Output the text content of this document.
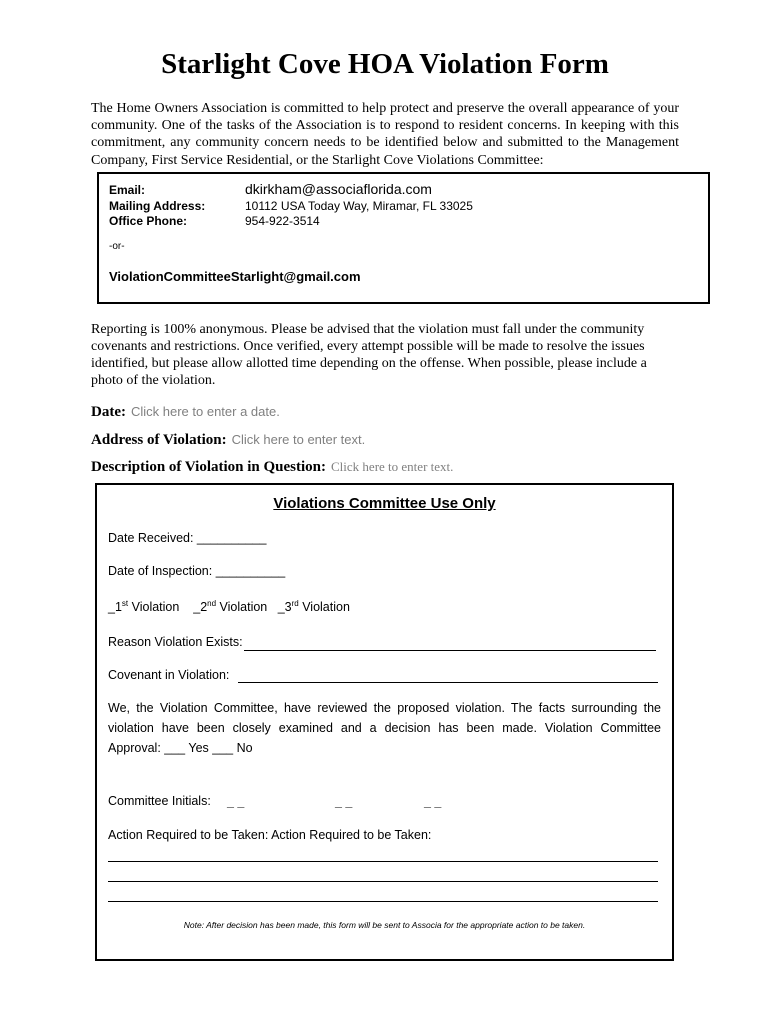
Starlight Cove HOA Violation Form
The Home Owners Association is committed to help protect and preserve the overall appearance of your community. One of the tasks of the Association is to respond to resident concerns. In keeping with this commitment, any community concern needs to be identified below and submitted to the Management Company, First Service Residential, or the Starlight Cove Violations Committee:
Email:	dkirkham@associaflorida.com
Mailing Address:	10112 USA Today Way, Miramar, FL 33025
Office Phone:	954-922-3514
-or-
ViolationCommitteeStarlight@gmail.com
Reporting is 100% anonymous. Please be advised that the violation must fall under the community covenants and restrictions. Once verified, every attempt possible will be made to resolve the issues identified, but please allow allotted time depending on the offense. When possible, please include a photo of the violation.
Date: Click here to enter a date.
Address of Violation: Click here to enter text.
Description of Violation in Question: Click here to enter text.
Violations Committee Use Only
Date Received: __________
Date of Inspection: __________
_1st Violation _2nd Violation _3rd Violation
Reason Violation Exists:
Covenant in Violation:
We, the Violation Committee, have reviewed the proposed violation. The facts surrounding the violation have been closely examined and a decision has been made. Violation Committee Approval: ___ Yes ___ No
Committee Initials: _ _	_ _	_ _
Action Required to be Taken: Action Required to be Taken:
Note: After decision has been made, this form will be sent to Associa for the appropriate action to be taken.
